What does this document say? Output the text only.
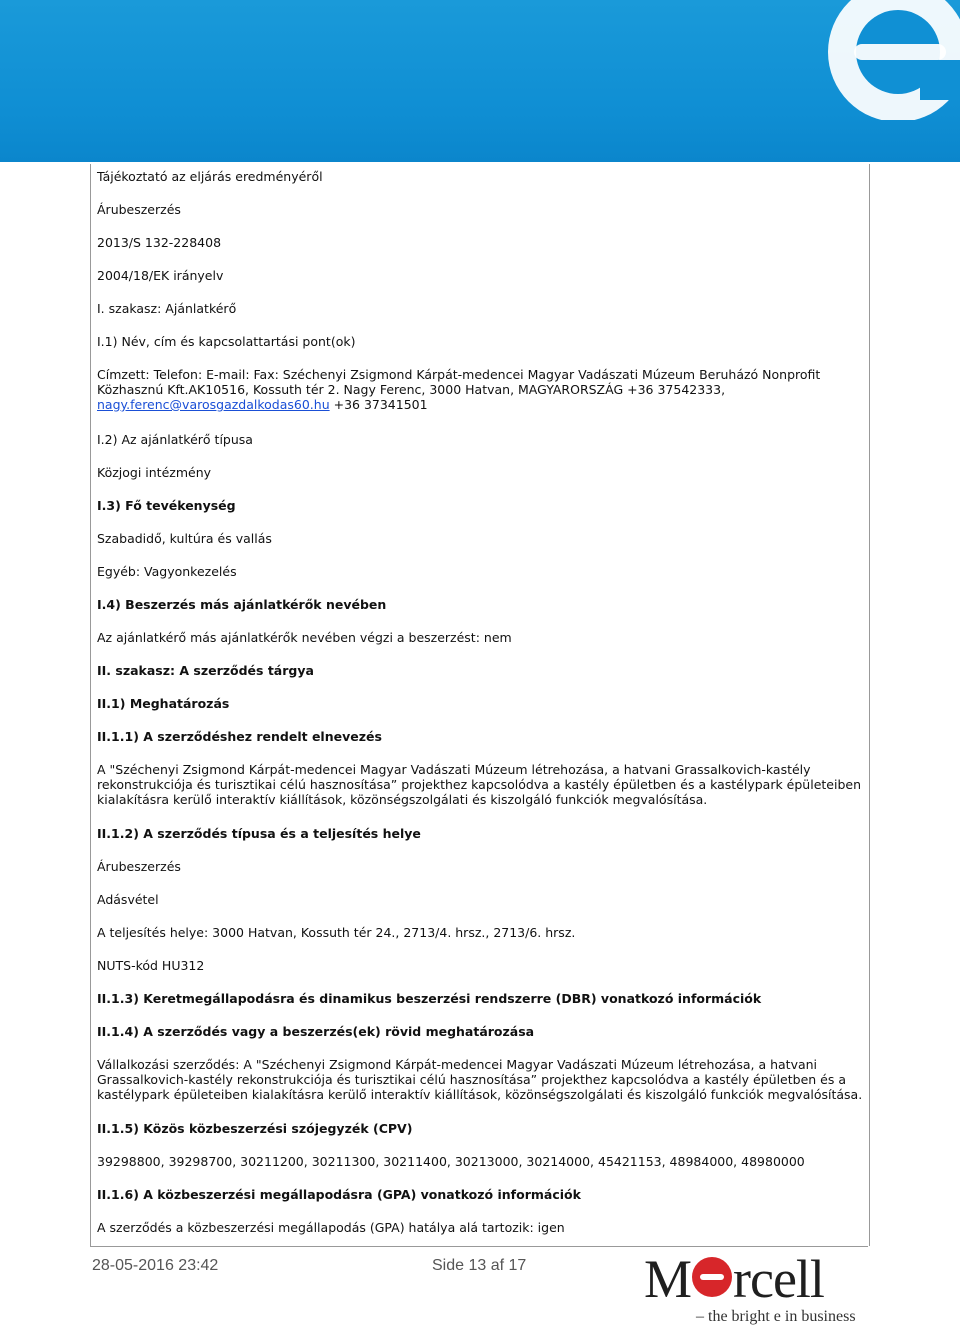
Tájékoztató az eljárás eredményéről
Árubeszerzés
2013/S 132-228408
2004/18/EK irányelv
I. szakasz: Ajánlatkérő
I.1) Név, cím és kapcsolattartási pont(ok)
Címzett: Telefon: E-mail: Fax: Széchenyi Zsigmond Kárpát-medencei Magyar Vadászati Múzeum Beruházó Nonprofit Közhasznú Kft.AK10516, Kossuth tér 2. Nagy Ferenc, 3000 Hatvan, MAGYARORSZÁG +36 37542333, nagy.ferenc@varosgazdalkodas60.hu +36 37341501
I.2) Az ajánlatkérő típusa
Közjogi intézmény
I.3) Fő tevékenység
Szabadidő, kultúra és vallás
Egyéb: Vagyonkezelés
I.4) Beszerzés más ajánlatkérők nevében
Az ajánlatkérő más ajánlatkérők nevében végzi a beszerzést: nem
II. szakasz: A szerződés tárgya
II.1) Meghatározás
II.1.1) A szerződéshez rendelt elnevezés
A "Széchenyi Zsigmond Kárpát-medencei Magyar Vadászati Múzeum létrehozása, a hatvani Grassalkovich-kastély rekonstrukciója és turisztikai célú hasznosítása” projekthez kapcsolódva a kastély épületben és a kastélypark épületeiben kialakításra kerülő interaktív kiállítások, közönségszolgálati és kiszolgáló funkciók megvalósítása.
II.1.2) A szerződés típusa és a teljesítés helye
Árubeszerzés
Adásvétel
A teljesítés helye: 3000 Hatvan, Kossuth tér 24., 2713/4. hrsz., 2713/6. hrsz.
NUTS-kód HU312
II.1.3) Keretmegállapodásra és dinamikus beszerzési rendszerre (DBR) vonatkozó információk
II.1.4) A szerződés vagy a beszerzés(ek) rövid meghatározása
Vállalkozási szerződés: A "Széchenyi Zsigmond Kárpát-medencei Magyar Vadászati Múzeum létrehozása, a hatvani Grassalkovich-kastély rekonstrukciója és turisztikai célú hasznosítása” projekthez kapcsolódva a kastély épületben és a kastélypark épületeiben kialakításra kerülő interaktív kiállítások, közönségszolgálati és kiszolgáló funkciók megvalósítása.
II.1.5) Közös közbeszerzési szójegyzék (CPV)
39298800, 39298700, 30211200, 30211300, 30211400, 30213000, 30214000, 45421153, 48984000, 48980000
II.1.6) A közbeszerzési megállapodásra (GPA) vonatkozó információk
A szerződés a közbeszerzési megállapodás (GPA) hatálya alá tartozik: igen
28-05-2016 23:42	Side 13 af 17 M rcell
– the bright e in business
